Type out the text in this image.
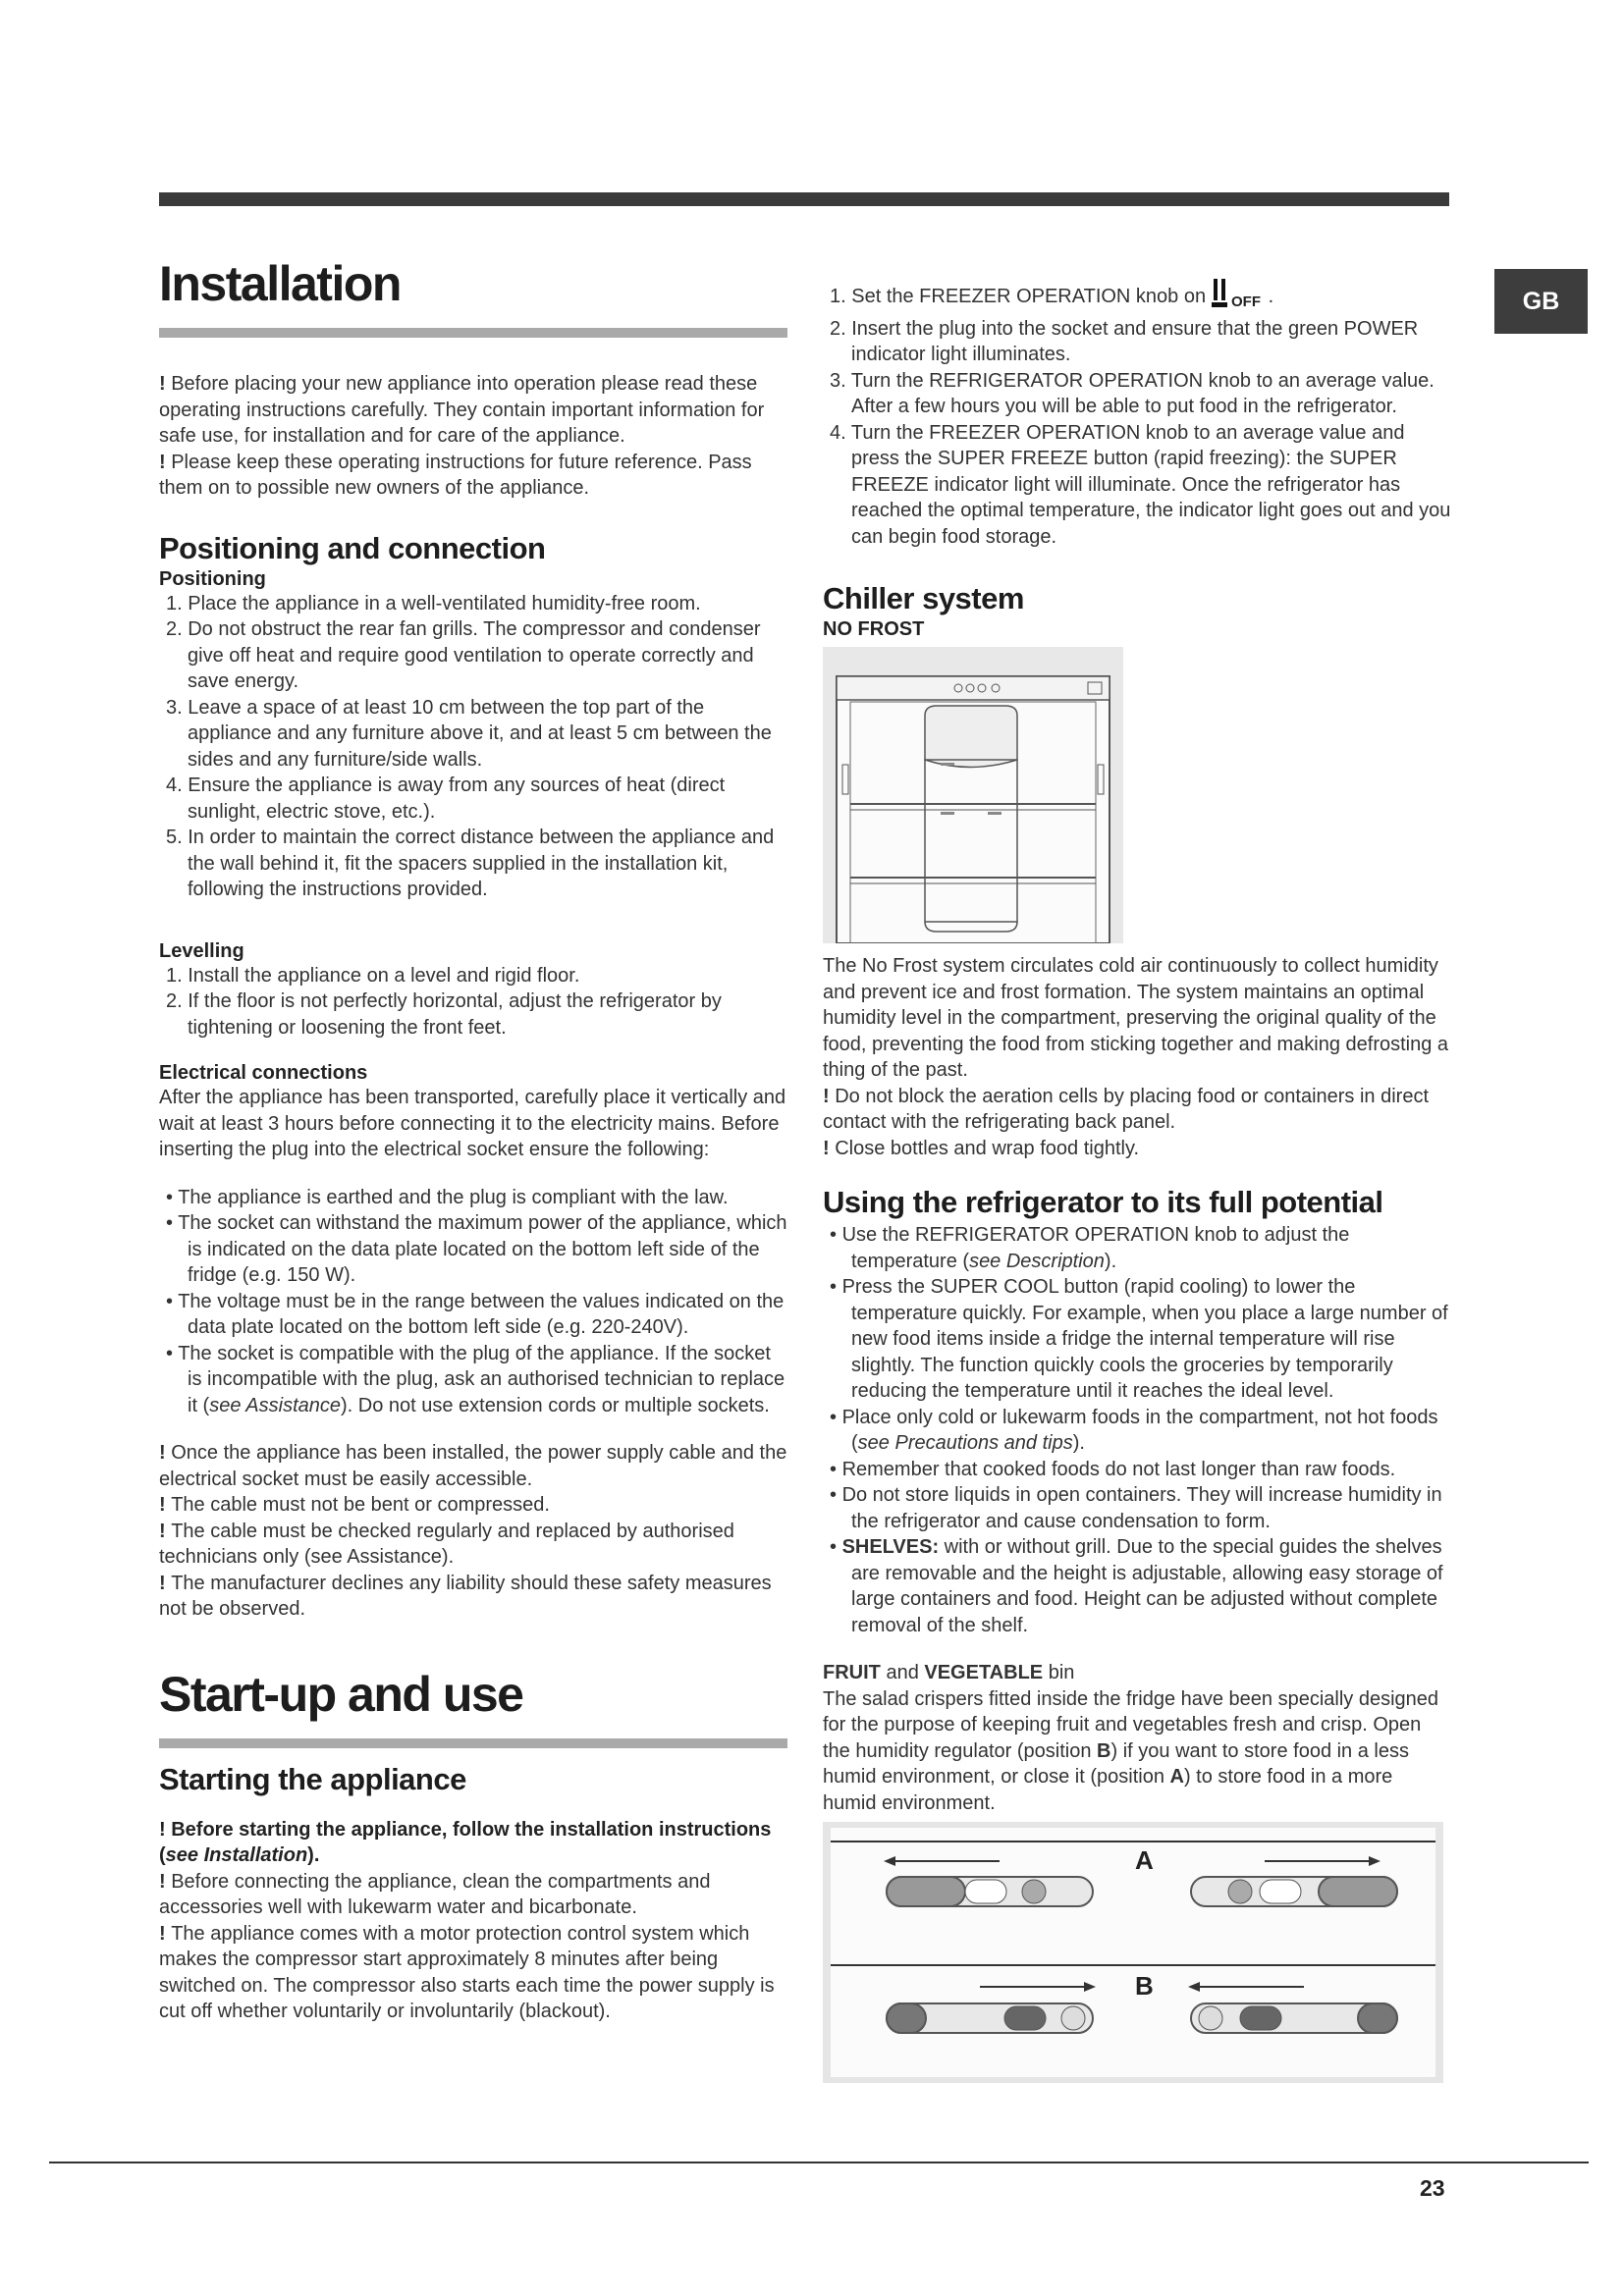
GB
Installation

! Before placing your new appliance into operation please read these operating instructions carefully. They contain important information for safe use, for installation and for care of the appliance.

! Please keep these operating instructions for future reference. Pass them on to possible new owners of the appliance.

Positioning and connection
Positioning
1. Place the appliance in a well-ventilated humidity-free room.
2. Do not obstruct the rear fan grills. The compressor and condenser give off heat and require good ventilation to operate correctly and save energy.
3. Leave a space of at least 10 cm between the top part of the appliance and any furniture above it, and at least 5 cm between the sides and any furniture/side walls.
4. Ensure the appliance is away from any sources of heat (direct sunlight, electric stove, etc.).
5. In order to maintain the correct distance between the appliance and the wall behind it, fit the spacers supplied in the installation kit, following the instructions provided.
Levelling
1. Install the appliance on a level and rigid floor.
2. If the floor is not perfectly horizontal, adjust the refrigerator by tightening or loosening the front feet.
Electrical connections

After the appliance has been transported, carefully place it vertically and wait at least 3 hours before connecting it to the electricity mains. Before inserting the plug into the electrical socket ensure the following:

• The appliance is earthed and the plug is compliant with the law.
• The socket can withstand the maximum power of the appliance, which is indicated on the data plate located on the bottom left side of the fridge (e.g. 150 W).
• The voltage must be in the range between the values indicated on the data plate located on the bottom left side (e.g. 220-240V).
• The socket is compatible with the plug of the appliance. If the socket is incompatible with the plug, ask an authorised technician to replace it (see Assistance). Do not use extension cords or multiple sockets.

! Once the appliance has been installed, the power supply cable and the electrical socket must be easily accessible.

! The cable must not be bent or compressed.

! The cable must be checked regularly and replaced by authorised technicians only (see Assistance).

! The manufacturer declines any liability should these safety measures not be observed.

Start-up and use
Starting the appliance

! Before starting the appliance, follow the installation instructions (see Installation).

! Before connecting the appliance, clean the compartments and accessories well with lukewarm water and bicarbonate.

! The appliance comes with a motor protection control system which makes the compressor start approximately 8 minutes after being switched on. The compressor also starts each time the power supply is cut off whether voluntarily or involuntarily (blackout).

1. Set the FREEZER OPERATION knob on OFF .
2. Insert the plug into the socket and ensure that the green POWER indicator light illuminates.
3. Turn the REFRIGERATOR OPERATION knob to an average value. After a few hours you will be able to put food in the refrigerator.
4. Turn the FREEZER OPERATION knob to an average value and press the SUPER FREEZE button (rapid freezing): the SUPER FREEZE indicator light will illuminate. Once the refrigerator has reached the optimal temperature, the indicator light goes out and you can begin food storage.
Chiller system
NO FROST

The No Frost system circulates cold air continuously to collect humidity and prevent ice and frost formation. The system maintains an optimal humidity level in the compartment, preserving the original quality of the food, preventing the food from sticking together and making defrosting a thing of the past.

! Do not block the aeration cells by placing food or containers in direct contact with the refrigerating back panel.

! Close bottles and wrap food tightly.

Using the refrigerator to its full potential
• Use the REFRIGERATOR OPERATION knob to adjust the temperature (see Description).
• Press the SUPER COOL button (rapid cooling) to lower the temperature quickly. For example, when you place a large number of new food items inside a fridge the internal temperature will rise slightly. The function quickly cools the groceries by temporarily reducing the temperature until it reaches the ideal level.
• Place only cold or lukewarm foods in the compartment, not hot foods (see Precautions and tips).
• Remember that cooked foods do not last longer than raw foods.
• Do not store liquids in open containers. They will increase humidity in the refrigerator and cause condensation to form.
• SHELVES: with or without grill. Due to the special guides the shelves are removable and the height is adjustable, allowing easy storage of large containers and food. Height can be adjusted without complete removal of the shelf.

FRUIT and VEGETABLE bin

The salad crispers fitted inside the fridge have been specially designed for the purpose of keeping fruit and vegetables fresh and crisp. Open the humidity regulator (position B) if you want to store food in a less humid environment, or close it (position A) to store food in a more humid environment.

A
B
23
